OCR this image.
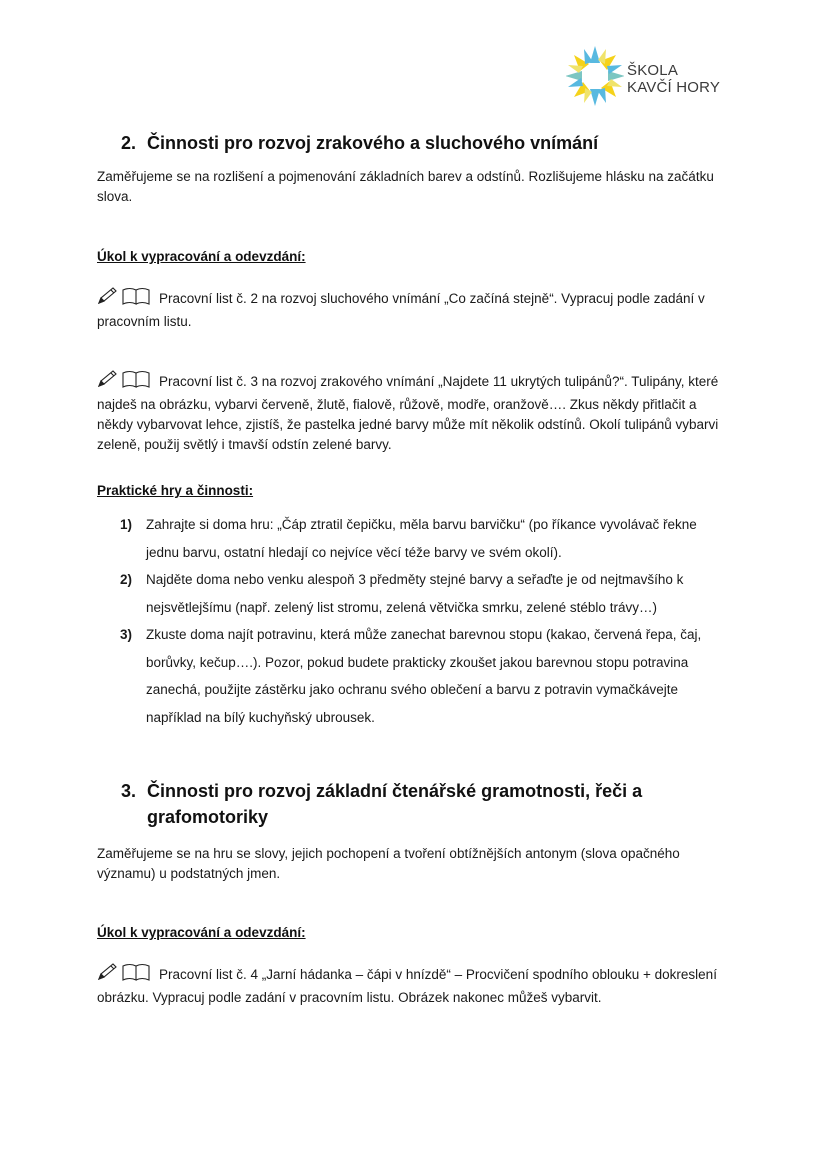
ŠKOLA
KAVČÍ HORY
2. Činnosti pro rozvoj zrakového a sluchového vnímání
Zaměřujeme se na rozlišení a pojmenování základních barev a odstínů. Rozlišujeme hlásku na začátku slova.
Úkol k vypracování a odevzdání:
Pracovní list č. 2 na rozvoj sluchového vnímání „Co začíná stejně“. Vypracuj podle zadání v pracovním listu.
Pracovní list č. 3 na rozvoj zrakového vnímání „Najdete 11 ukrytých tulipánů?“. Tulipány, které najdeš na obrázku, vybarvi červeně, žlutě, fialově, růžově, modře, oranžově…. Zkus někdy přitlačit a někdy vybarvovat lehce, zjistíš, že pastelka jedné barvy může mít několik odstínů. Okolí tulipánů vybarvi zeleně, použij světlý i tmavší odstín zelené barvy.
Praktické hry a činnosti:
1) Zahrajte si doma hru: „Čáp ztratil čepičku, měla barvu barvičku“ (po říkance vyvolávač řekne jednu barvu, ostatní hledají co nejvíce věcí téže barvy ve svém okolí).
2) Najděte doma nebo venku alespoň 3 předměty stejné barvy a seřaďte je od nejtmavšího k nejsvětlejšímu (např. zelený list stromu, zelená větvička smrku, zelené stéblo trávy…)
3) Zkuste doma najít potravinu, která může zanechat barevnou stopu (kakao, červená řepa, čaj, borůvky, kečup….). Pozor, pokud budete prakticky zkoušet jakou barevnou stopu potravina zanechá, použijte zástěrku jako ochranu svého oblečení a barvu z potravin vymačkávejte například na bílý kuchyňský ubrousek.
3. Činnosti pro rozvoj základní čtenářské gramotnosti, řeči a
grafomotoriky
Zaměřujeme se na hru se slovy, jejich pochopení a tvoření obtížnějších antonym (slova opačného významu) u podstatných jmen.
Úkol k vypracování a odevzdání:
Pracovní list č. 4 „Jarní hádanka – čápi v hnízdě“ – Procvičení spodního oblouku + dokreslení obrázku. Vypracuj podle zadání v pracovním listu. Obrázek nakonec můžeš vybarvit.
